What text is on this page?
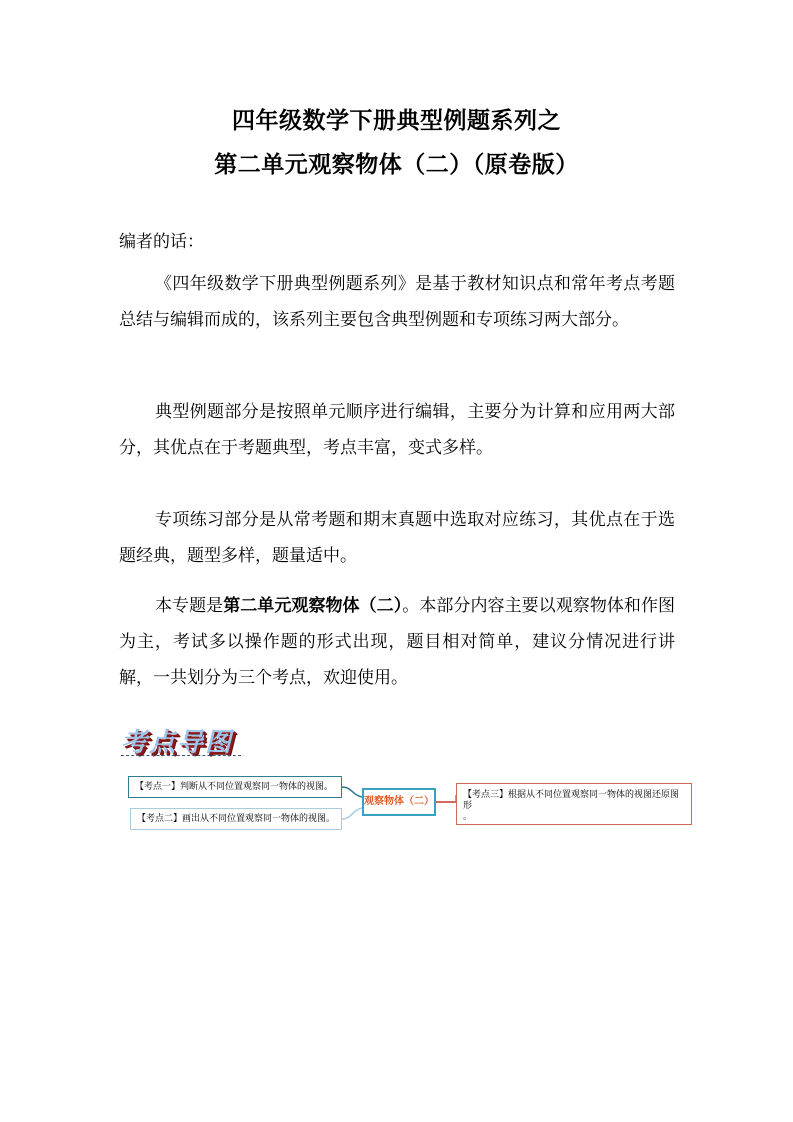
四年级数学下册典型例题系列之
第二单元观察物体（二）（原卷版）
编者的话：
《四年级数学下册典型例题系列》是基于教材知识点和常年考点考题总结与编辑而成的，该系列主要包含典型例题和专项练习两大部分。
典型例题部分是按照单元顺序进行编辑，主要分为计算和应用两大部分，其优点在于考题典型，考点丰富，变式多样。
专项练习部分是从常考题和期末真题中选取对应练习，其优点在于选题经典，题型多样，题量适中。
本专题是第二单元观察物体（二）。本部分内容主要以观察物体和作图为主，考试多以操作题的形式出现，题目相对简单，建议分情况进行讲解，一共划分为三个考点，欢迎使用。
考点导图
【考点一】判断从不同位置观察同一物体的视图。
【考点二】画出从不同位置观察同一物体的视图。
观察物体（二）
【考点三】根据从不同位置观察同一物体的视图还原图形
。
